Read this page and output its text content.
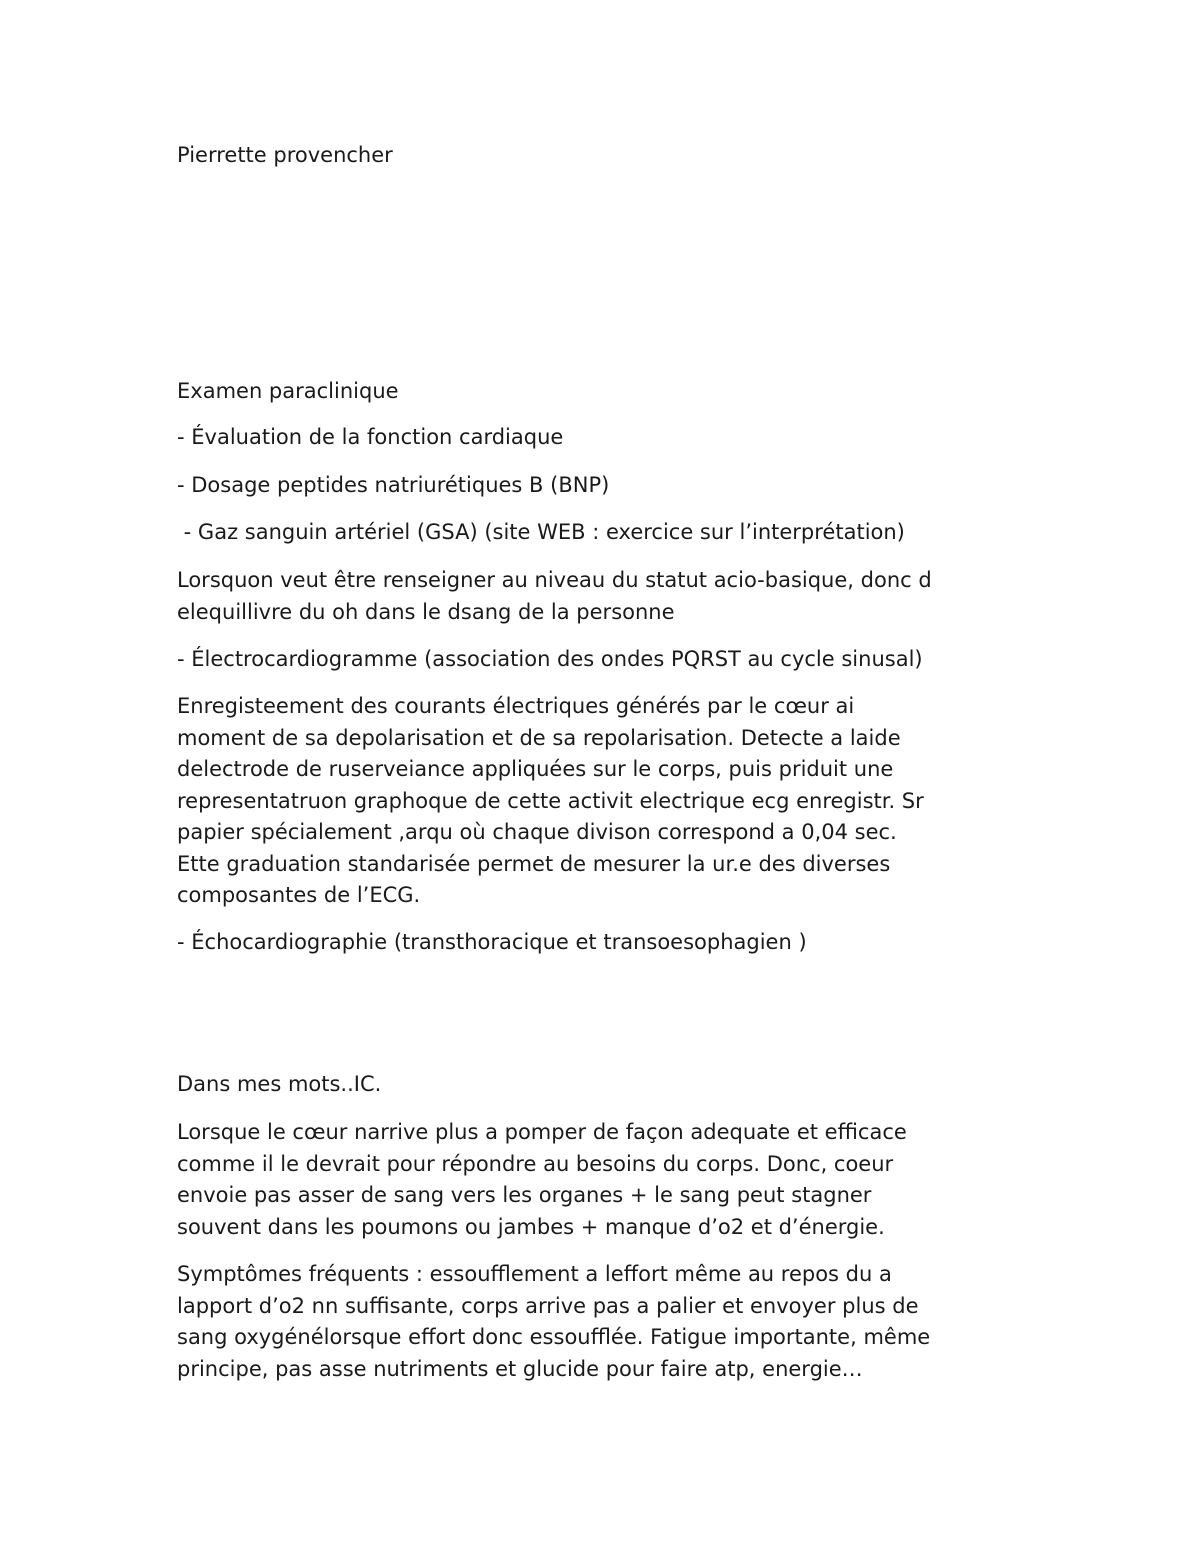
Pierrette provencher

Examen paraclinique

- Évaluation de la fonction cardiaque

- Dosage peptides natriurétiques B (BNP)

- Gaz sanguin artériel (GSA) (site WEB : exercice sur l’interprétation)

Lorsquon veut être renseigner au niveau du statut acio-basique, donc d
elequillivre du oh dans le dsang de la personne

- Électrocardiogramme (association des ondes PQRST au cycle sinusal)

Enregisteement des courants électriques générés par le cœur ai
moment de sa depolarisation et de sa repolarisation. Detecte a laide
delectrode de ruserveiance appliquées sur le corps, puis priduit une
representatruon graphoque de cette activit electrique ecg enregistr. Sr
papier spécialement ,arqu où chaque divison correspond a 0,04 sec.
Ette graduation standarisée permet de mesurer la ur.e des diverses
composantes de l’ECG.

- Échocardiographie (transthoracique et transoesophagien )

Dans mes mots..IC.

Lorsque le cœur narrive plus a pomper de façon adequate et efficace
comme il le devrait pour répondre au besoins du corps. Donc, coeur
envoie pas asser de sang vers les organes + le sang peut stagner
souvent dans les poumons ou jambes + manque d’o2 et d’énergie.
Symptômes fréquents : essoufflement a leffort même au repos du a
lapport d’o2 nn suffisante, corps arrive pas a palier et envoyer plus de
sang oxygénélorsque effort donc essoufflée. Fatigue importante, même
principe, pas asse nutriments et glucide pour faire atp, energie…
